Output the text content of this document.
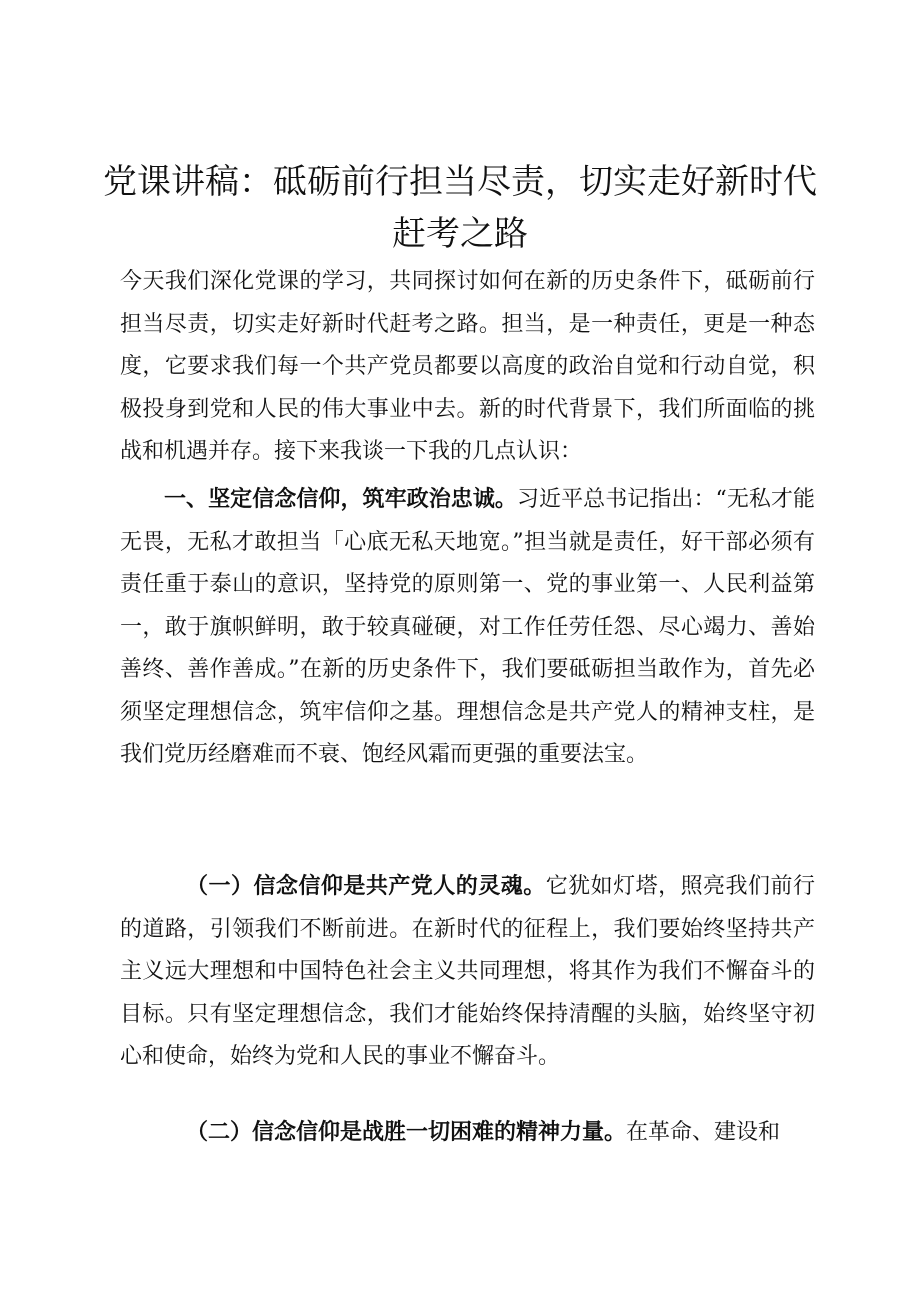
党课讲稿：砥砺前行担当尽责，切实走好新时代赶考之路

今天我们深化党课的学习，共同探讨如何在新的历史条件下，砥砺前行担当尽责，切实走好新时代赶考之路。担当，是一种责任，更是一种态度，它要求我们每一个共产党员都要以高度的政治自觉和行动自觉，积极投身到党和人民的伟大事业中去。新的时代背景下，我们所面临的挑战和机遇并存。接下来我谈一下我的几点认识：

一、坚定信念信仰，筑牢政治忠诚。习近平总书记指出：“无私才能无畏，无私才敢担当「心底无私天地宽。”担当就是责任，好干部必须有责任重于泰山的意识，坚持党的原则第一、党的事业第一、人民利益第一，敢于旗帜鲜明，敢于较真碰硬，对工作任劳任怨、尽心竭力、善始善终、善作善成。”在新的历史条件下，我们要砥砺担当敢作为，首先必须坚定理想信念，筑牢信仰之基。理想信念是共产党人的精神支柱，是我们党历经磨难而不衰、饱经风霜而更强的重要法宝。

（一）信念信仰是共产党人的灵魂。它犹如灯塔，照亮我们前行的道路，引领我们不断前进。在新时代的征程上，我们要始终坚持共产主义远大理想和中国特色社会主义共同理想，将其作为我们不懈奋斗的目标。只有坚定理想信念，我们才能始终保持清醒的头脑，始终坚守初心和使命，始终为党和人民的事业不懈奋斗。

（二）信念信仰是战胜一切困难的精神力量。在革命、建设和
